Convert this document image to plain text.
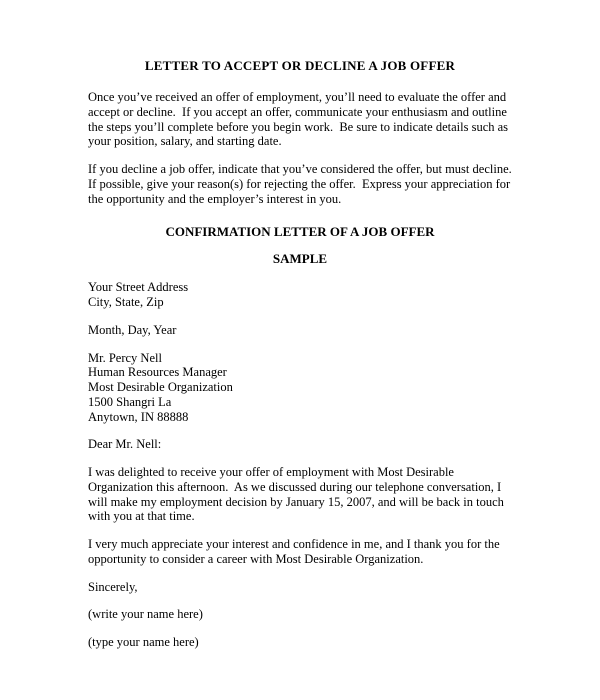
LETTER TO ACCEPT OR DECLINE A JOB OFFER

Once you’ve received an offer of employment, you’ll need to evaluate the offer and accept or decline.  If you accept an offer, communicate your enthusiasm and outline the steps you’ll complete before you begin work.  Be sure to indicate details such as your position, salary, and starting date.

If you decline a job offer, indicate that you’ve considered the offer, but must decline.  If possible, give your reason(s) for rejecting the offer.  Express your appreciation for the opportunity and the employer’s interest in you.

CONFIRMATION LETTER OF A JOB OFFER
SAMPLE
Your Street Address
City, State, Zip
Month, Day, Year
Mr. Percy Nell
Human Resources Manager
Most Desirable Organization
1500 Shangri La
Anytown, IN 88888
Dear Mr. Nell:

I was delighted to receive your offer of employment with Most Desirable Organization this afternoon.  As we discussed during our telephone conversation, I will make my employment decision by January 15, 2007, and will be back in touch with you at that time.

I very much appreciate your interest and confidence in me, and I thank you for the opportunity to consider a career with Most Desirable Organization.

Sincerely,
(write your name here)
(type your name here)
